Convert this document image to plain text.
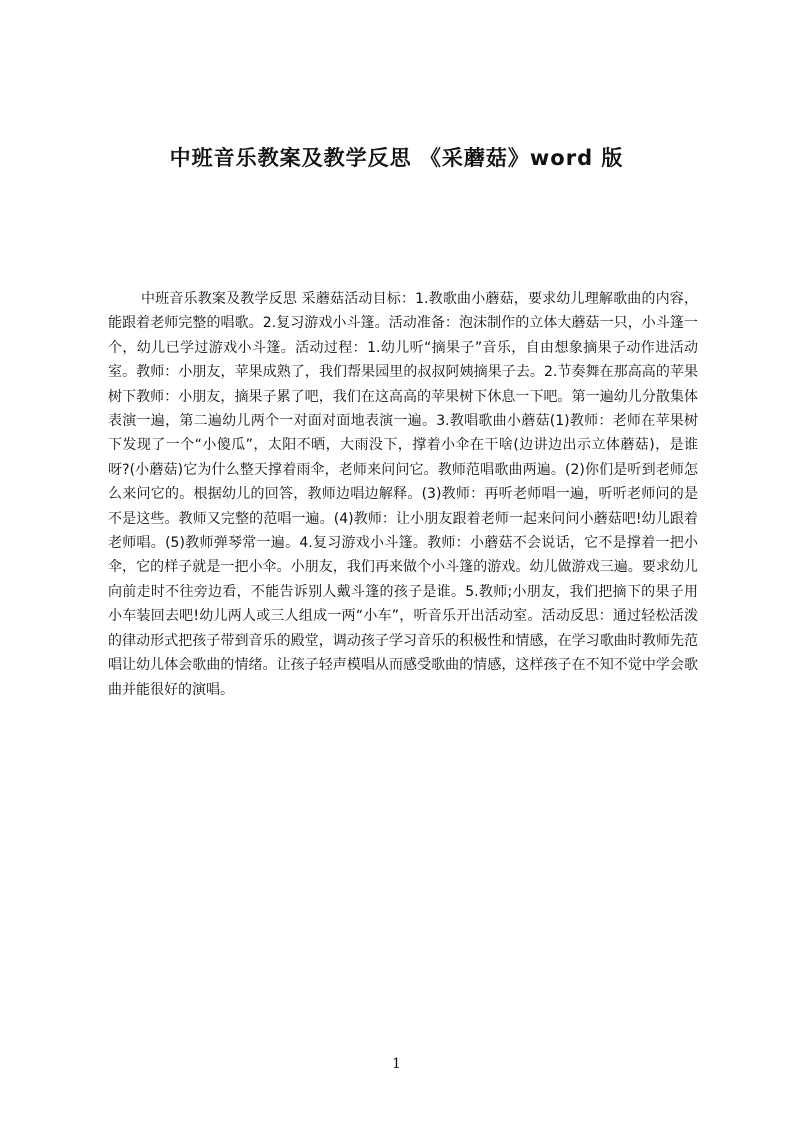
中班音乐教案及教学反思 《采蘑菇》word 版

中班音乐教案及教学反思 采蘑菇活动目标：1.教歌曲小蘑菇，要求幼儿理解歌曲的内容，能跟着老师完整的唱歌。2.复习游戏小斗篷。活动准备：泡沫制作的立体大蘑菇一只，小斗篷一个，幼儿已学过游戏小斗篷。活动过程：1.幼儿听“摘果子”音乐，自由想象摘果子动作进活动室。教师：小朋友，苹果成熟了，我们帮果园里的叔叔阿姨摘果子去。2.节奏舞在那高高的苹果树下教师：小朋友，摘果子累了吧，我们在这高高的苹果树下休息一下吧。第一遍幼儿分散集体表演一遍，第二遍幼儿两个一对面对面地表演一遍。3.教唱歌曲小蘑菇(1)教师：老师在苹果树下发现了一个“小傻瓜”，太阳不晒，大雨没下，撑着小伞在干啥(边讲边出示立体蘑菇)，是谁呀?(小蘑菇)它为什么整天撑着雨伞，老师来问问它。教师范唱歌曲两遍。(2)你们是听到老师怎么来问它的。根据幼儿的回答，教师边唱边解释。(3)教师：再听老师唱一遍，听听老师问的是不是这些。教师又完整的范唱一遍。(4)教师：让小朋友跟着老师一起来问问小蘑菇吧!幼儿跟着老师唱。(5)教师弹琴常一遍。4.复习游戏小斗篷。教师：小蘑菇不会说话，它不是撑着一把小伞，它的样子就是一把小伞。小朋友，我们再来做个小斗篷的游戏。幼儿做游戏三遍。要求幼儿向前走时不往旁边看，不能告诉别人戴斗篷的孩子是谁。5.教师;小朋友，我们把摘下的果子用小车装回去吧!幼儿两人或三人组成一两“小车”，听音乐开出活动室。活动反思：通过轻松活泼的律动形式把孩子带到音乐的殿堂，调动孩子学习音乐的积极性和情感，在学习歌曲时教师先范唱让幼儿体会歌曲的情绪。让孩子轻声模唱从而感受歌曲的情感，这样孩子在不知不觉中学会歌曲并能很好的演唱。

1
